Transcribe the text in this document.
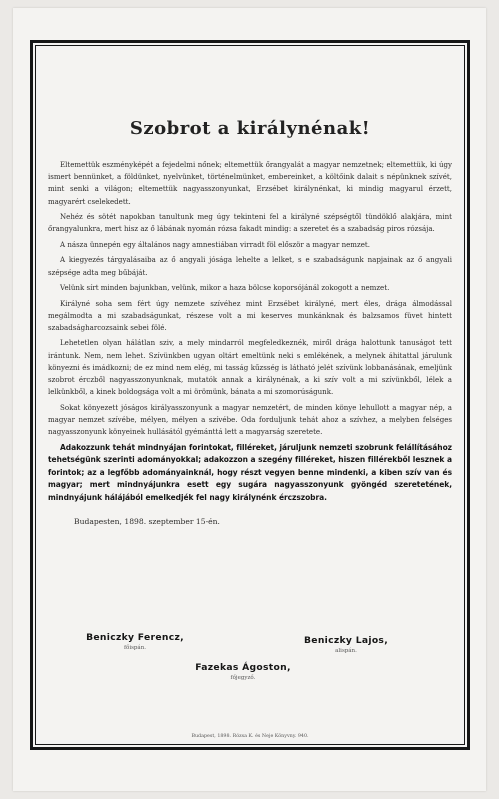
Szobrot a királynénak!

Eltemettük eszményképét a fejedelmi nőnek; eltemettük őrangyalát a magyar nemzetnek; eltemettük, ki úgy ismert bennünket, a földünket, nyelvünket, történelmünket, embereinket, a költőink dalait s népünknek szívét, mint senki a világon; eltemettük nagyasszonyunkat, Erzsébet királynénkat, ki mindig magyarul érzett, magyarért cselekedett.

Nehéz és sötét napokban tanultunk meg úgy tekinteni fel a királyné szépségtől tündöklő alakjára, mint őrangyalunkra, mert hisz az ő lábának nyomán rózsa fakadt mindig: a szeretet és a szabadság piros rózsája.

A násza ünnepén egy általános nagy amnestiában virradt föl először a magyar nemzet.

A kiegyezés tárgyalásaiba az ő angyali jósága lehelte a lelket, s e szabadságunk napjainak az ő angyali szépsége adta meg bűbáját.

Velünk sírt minden bajunkban, velünk, mikor a haza bölcse koporsójánál zokogott a nemzet.

Királyné soha sem fért úgy nemzete szívéhez mint Erzsébet királyné, mert éles, drága álmodással megálmodta a mi szabadságunkat, részese volt a mi keserves munkánknak és balzsamos füvet hintett szabadságharcozsaink sebei fölé.

Lehetetlen olyan hálátlan sziv, a mely mindarról megfeledkeznék, miről drága halottunk tanuságot tett irántunk. Nem, nem lehet. Szívünkben ugyan oltárt emeltünk neki s emlékének, a melynek áhitattal járulunk könyezni és imádkozni; de ez mind nem elég, mi tasság kűzsség is látható jelét szívünk lobbanásának, emeljünk szobrot érczből nagyasszonyunknak, mutatók annak a királynénak, a ki szív volt a mi szívünkből, lélek a lelkünkből, a kinek boldogsága volt a mi örömünk, bánata a mi szomorúságunk.

Sokat könyezett jóságos királyasszonyunk a magyar nemzetért, de minden könye lehullott a magyar nép, a magyar nemzet szívébe, mélyen, mélyen a szívébe. Oda forduljunk tehát ahoz a szívhez, a melyben felséges nagyasszonyunk könyeinek hullásától gyémánttá lett a magyarság szeretete.

Adakozzunk tehát mindnyájan forintokat, filléreket, járuljunk nemzeti szobrunk felállításához tehetségünk szerinti adományokkal; adakozzon a szegény filléreket, hiszen fillérekből lesznek a forintok; az a legfőbb adományainknál, hogy részt vegyen benne mindenki, a kiben szív van és magyar; mert mindnyájunkra esett egy sugára nagyasszonyunk gyöngéd szeretetének, mindnyájunk hálájából emelkedjék fel nagy királynénk érczszobra.

Budapesten, 1898. szeptember 15-én.
Beniczky Ferencz,
főispán.
Beniczky Lajos,
alispán.
Fazekas Ágoston,
főjegyző.
Budapest, 1898. Rózsa K. és Neje Könyvny. 940.
